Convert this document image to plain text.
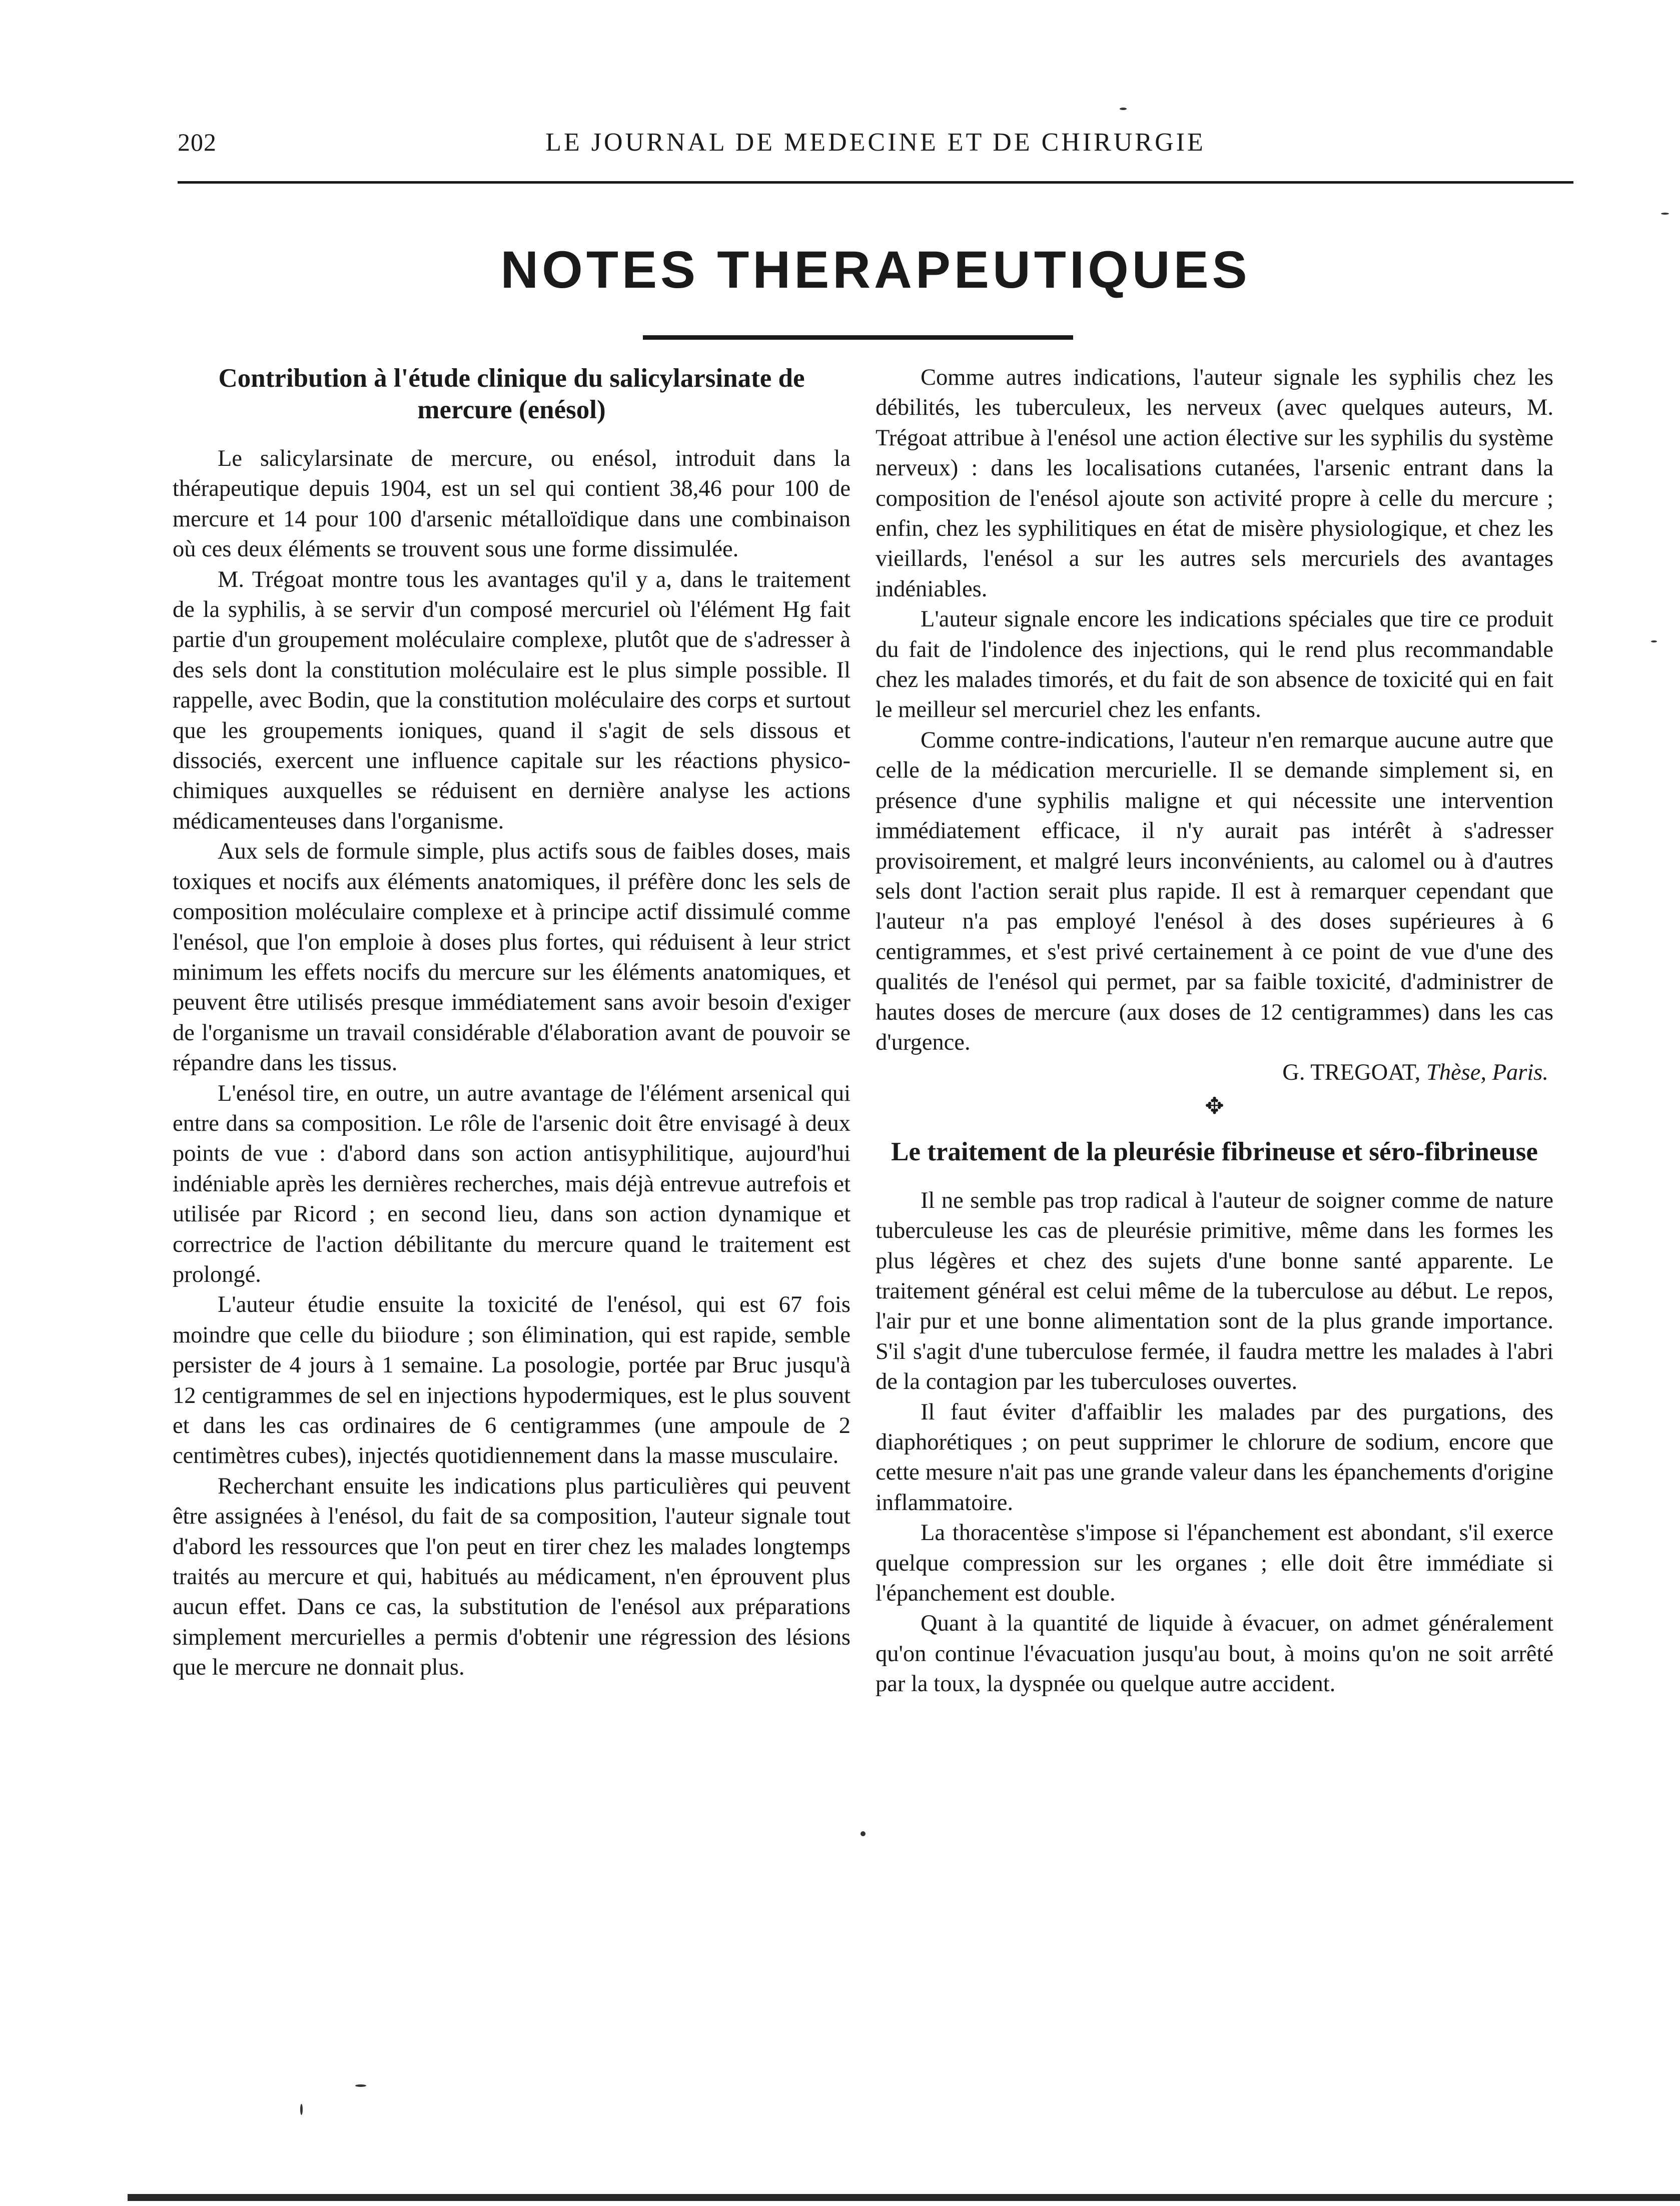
202	LE JOURNAL DE MEDECINE ET DE CHIRURGIE
NOTES THERAPEUTIQUES
Contribution à l'étude clinique du salicylarsinate de mercure (enésol)

Le salicylarsinate de mercure, ou enésol, introduit dans la thérapeutique depuis 1904, est un sel qui contient 38,46 pour 100 de mercure et 14 pour 100 d'arsenic métalloïdique dans une combinaison où ces deux éléments se trouvent sous une forme dissimulée.

M. Trégoat montre tous les avantages qu'il y a, dans le traitement de la syphilis, à se servir d'un composé mercuriel où l'élément Hg fait partie d'un groupement moléculaire complexe, plutôt que de s'adresser à des sels dont la constitution moléculaire est le plus simple possible. Il rappelle, avec Bodin, que la constitution moléculaire des corps et surtout que les groupements ioniques, quand il s'agit de sels dissous et dissociés, exercent une influence capitale sur les réactions physico-chimiques auxquelles se réduisent en dernière analyse les actions médicamenteuses dans l'organisme.

Aux sels de formule simple, plus actifs sous de faibles doses, mais toxiques et nocifs aux éléments anatomiques, il préfère donc les sels de composition moléculaire complexe et à principe actif dissimulé comme l'enésol, que l'on emploie à doses plus fortes, qui réduisent à leur strict minimum les effets nocifs du mercure sur les éléments anatomiques, et peuvent être utilisés presque immédiatement sans avoir besoin d'exiger de l'organisme un travail considérable d'élaboration avant de pouvoir se répandre dans les tissus.

L'enésol tire, en outre, un autre avantage de l'élément arsenical qui entre dans sa composition. Le rôle de l'arsenic doit être envisagé à deux points de vue : d'abord dans son action antisyphilitique, aujourd'hui indéniable après les dernières recherches, mais déjà entrevue autrefois et utilisée par Ricord ; en second lieu, dans son action dynamique et correctrice de l'action débilitante du mercure quand le traitement est prolongé.

L'auteur étudie ensuite la toxicité de l'enésol, qui est 67 fois moindre que celle du biiodure ; son élimination, qui est rapide, semble persister de 4 jours à 1 semaine. La posologie, portée par Bruc jusqu'à 12 centigrammes de sel en injections hypodermiques, est le plus souvent et dans les cas ordinaires de 6 centigrammes (une ampoule de 2 centimètres cubes), injectés quotidiennement dans la masse musculaire.

Recherchant ensuite les indications plus particulières qui peuvent être assignées à l'enésol, du fait de sa composition, l'auteur signale tout d'abord les ressources que l'on peut en tirer chez les malades longtemps traités au mercure et qui, habitués au médicament, n'en éprouvent plus aucun effet. Dans ce cas, la substitution de l'enésol aux préparations simplement mercurielles a permis d'obtenir une régression des lésions que le mercure ne donnait plus.

Comme autres indications, l'auteur signale les syphilis chez les débilités, les tuberculeux, les nerveux (avec quelques auteurs, M. Trégoat attribue à l'enésol une action élective sur les syphilis du système nerveux) : dans les localisations cutanées, l'arsenic entrant dans la composition de l'enésol ajoute son activité propre à celle du mercure ; enfin, chez les syphilitiques en état de misère physiologique, et chez les vieillards, l'enésol a sur les autres sels mercuriels des avantages indéniables.

L'auteur signale encore les indications spéciales que tire ce produit du fait de l'indolence des injections, qui le rend plus recommandable chez les malades timorés, et du fait de son absence de toxicité qui en fait le meilleur sel mercuriel chez les enfants.

Comme contre-indications, l'auteur n'en remarque aucune autre que celle de la médication mercurielle. Il se demande simplement si, en présence d'une syphilis maligne et qui nécessite une intervention immédiatement efficace, il n'y aurait pas intérêt à s'adresser provisoirement, et malgré leurs inconvénients, au calomel ou à d'autres sels dont l'action serait plus rapide. Il est à remarquer cependant que l'auteur n'a pas employé l'enésol à des doses supérieures à 6 centigrammes, et s'est privé certainement à ce point de vue d'une des qualités de l'enésol qui permet, par sa faible toxicité, d'administrer de hautes doses de mercure (aux doses de 12 centigrammes) dans les cas d'urgence.

G. TREGOAT, Thèse, Paris.

✥
Le traitement de la pleurésie fibrineuse et séro-fibrineuse

Il ne semble pas trop radical à l'auteur de soigner comme de nature tuberculeuse les cas de pleurésie primitive, même dans les formes les plus légères et chez des sujets d'une bonne santé apparente. Le traitement général est celui même de la tuberculose au début. Le repos, l'air pur et une bonne alimentation sont de la plus grande importance. S'il s'agit d'une tuberculose fermée, il faudra mettre les malades à l'abri de la contagion par les tuberculoses ouvertes.

Il faut éviter d'affaiblir les malades par des purgations, des diaphorétiques ; on peut supprimer le chlorure de sodium, encore que cette mesure n'ait pas une grande valeur dans les épanchements d'origine inflammatoire.

La thoracentèse s'impose si l'épanchement est abondant, s'il exerce quelque compression sur les organes ; elle doit être immédiate si l'épanchement est double.

Quant à la quantité de liquide à évacuer, on admet généralement qu'on continue l'évacuation jusqu'au bout, à moins qu'on ne soit arrêté par la toux, la dyspnée ou quelque autre accident.
